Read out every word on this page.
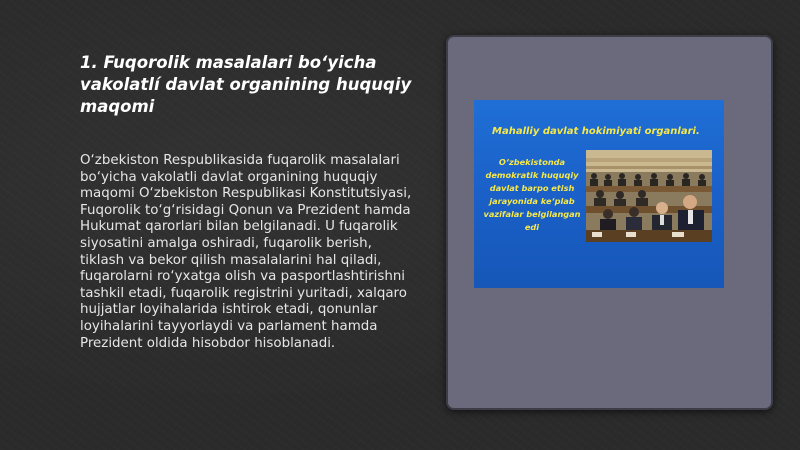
1. Fuqorolik masalalari bo‘yicha vakolatlí davlat organining huquqiy maqomi

O‘zbekiston Respublikasida fuqarolik masalalari bo‘yicha vakolatli davlat organining huquqiy maqomi O‘zbekiston Respublikasi Konstitutsiyasi, Fuqorolik to‘g‘risidagi Qonun va Prezident hamda Hukumat qarorlari bilan belgilanadi. U fuqarolik siyosatini amalga oshiradi, fuqarolik berish, tiklash va bekor qilish masalalarini hal qiladi, fuqarolarni ro‘yxatga olish va pasportlashtirishni tashkil etadi, fuqarolik registrini yuritadi, xalqaro hujjatlar loyihalarida ishtirok etadi, qonunlar loyihalarini tayyorlaydi va parlament hamda Prezident oldida hisobdor hisoblanadi.

Mahalliy davlat hokimiyati organlari.
O‘zbekistonda demokratik huquqiy davlat barpo etish jarayonida ke‘plab vazifalar belgilangan edi
